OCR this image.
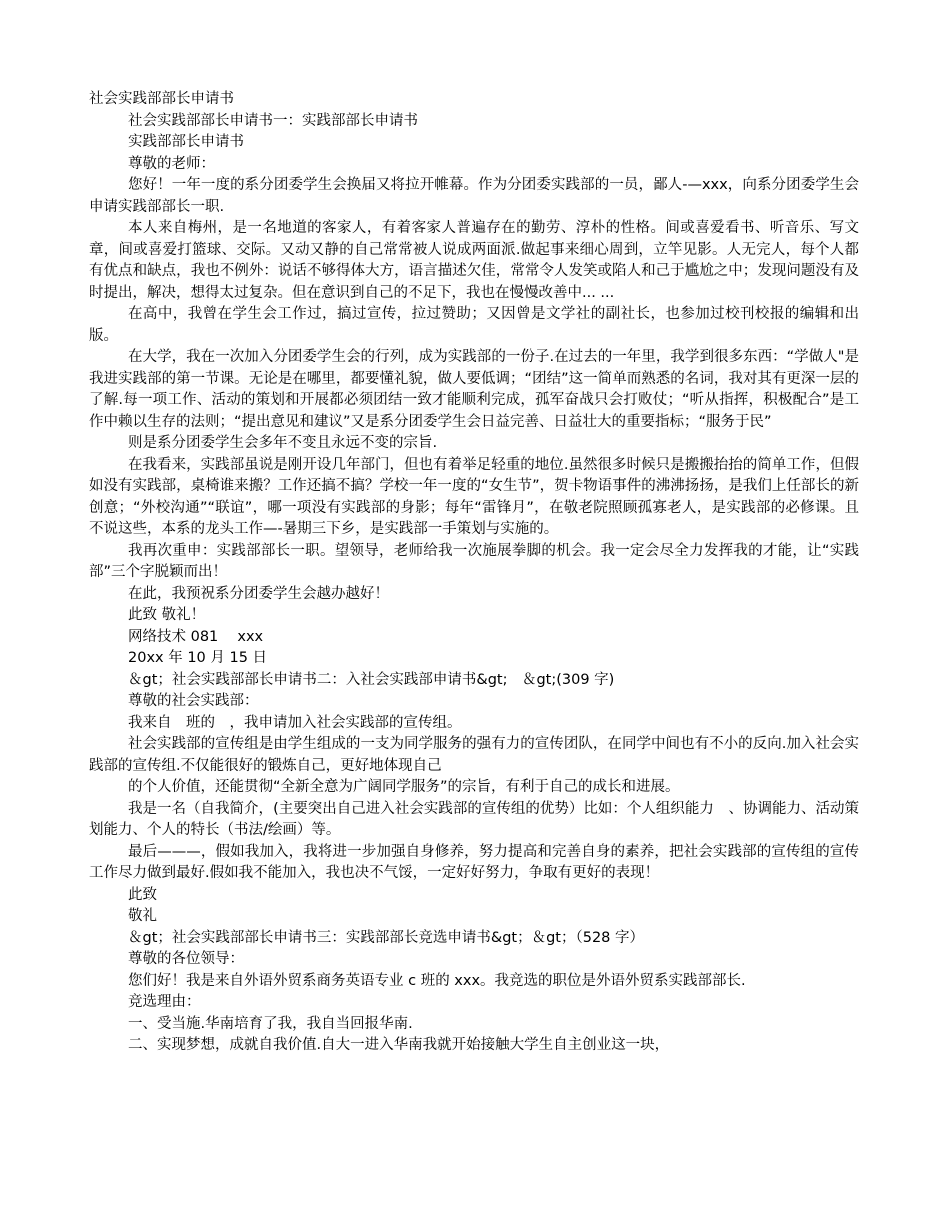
社会实践部部长申请书

社会实践部部长申请书一：实践部部长申请书

实践部部长申请书

尊敬的老师：

您好！一年一度的系分团委学生会换届又将拉开帷幕。作为分团委实践部的一员，鄙人-—xxx，向系分团委学生会申请实践部部长一职.

本人来自梅州，是一名地道的客家人，有着客家人普遍存在的勤劳、淳朴的性格。间或喜爱看书、听音乐、写文章，间或喜爱打篮球、交际。又动又静的自己常常被人说成两面派.做起事来细心周到，立竿见影。人无完人，每个人都有优点和缺点，我也不例外：说话不够得体大方，语言描述欠佳，常常令人发笑或陷人和己于尴尬之中；发现问题没有及时提出，解决，想得太过复杂。但在意识到自己的不足下，我也在慢慢改善中... ...

在高中，我曾在学生会工作过，搞过宣传，拉过赞助；又因曾是文学社的副社长，也参加过校刊校报的编辑和出版。

在大学，我在一次加入分团委学生会的行列，成为实践部的一份子.在过去的一年里，我学到很多东西：“学做人"是我进实践部的第一节课。无论是在哪里，都要懂礼貌，做人要低调；“团结”这一简单而熟悉的名词，我对其有更深一层的了解.每一项工作、活动的策划和开展都必须团结一致才能顺利完成，孤军奋战只会打败仗；“听从指挥，积极配合”是工作中赖以生存的法则；“提出意见和建议”又是系分团委学生会日益完善、日益壮大的重要指标；“服务于民”

则是系分团委学生会多年不变且永远不变的宗旨.

在我看来，实践部虽说是刚开设几年部门，但也有着举足轻重的地位.虽然很多时候只是搬搬抬抬的简单工作，但假如没有实践部，桌椅谁来搬？工作还搞不搞？学校一年一度的“女生节”，贺卡物语事件的沸沸扬扬，是我们上任部长的新创意；“外校沟通”“联谊”，哪一项没有实践部的身影；每年“雷锋月”，在敬老院照顾孤寡老人，是实践部的必修课。且不说这些，本系的龙头工作—-暑期三下乡，是实践部一手策划与实施的。

我再次重申：实践部部长一职。望领导，老师给我一次施展拳脚的机会。我一定会尽全力发挥我的才能，让“实践部”三个字脱颖而出！

在此，我预祝系分团委学生会越办越好！

此致 敬礼！

网络技术 081　 xxx

20xx 年 10 月 15 日

＆gt；社会实践部部长申请书二：入社会实践部申请书&gt;　＆gt;(309 字)

尊敬的社会实践部：

我来自　班的　，我申请加入社会实践部的宣传组。

社会实践部的宣传组是由学生组成的一支为同学服务的强有力的宣传团队，在同学中间也有不小的反向.加入社会实践部的宣传组.不仅能很好的锻炼自己，更好地体现自己

的个人价值，还能贯彻“全新全意为广阔同学服务”的宗旨，有利于自己的成长和进展。

我是一名（自我简介，(主要突出自己进入社会实践部的宣传组的优势）比如：个人组织能力　、协调能力、活动策划能力、个人的特长（书法/绘画）等。

最后———，假如我加入，我将进一步加强自身修养，努力提高和完善自身的素养，把社会实践部的宣传组的宣传工作尽力做到最好.假如我不能加入，我也决不气馁，一定好好努力，争取有更好的表现！

此致

敬礼

＆gt；社会实践部部长申请书三：实践部部长竞选申请书&gt；＆gt；（528 字）

尊敬的各位领导：

您们好！我是来自外语外贸系商务英语专业 c 班的 xxx。我竞选的职位是外语外贸系实践部部长.

竞选理由：

一、受当施.华南培育了我，我自当回报华南.

二、实现梦想，成就自我价值.自大一进入华南我就开始接触大学生自主创业这一块，
